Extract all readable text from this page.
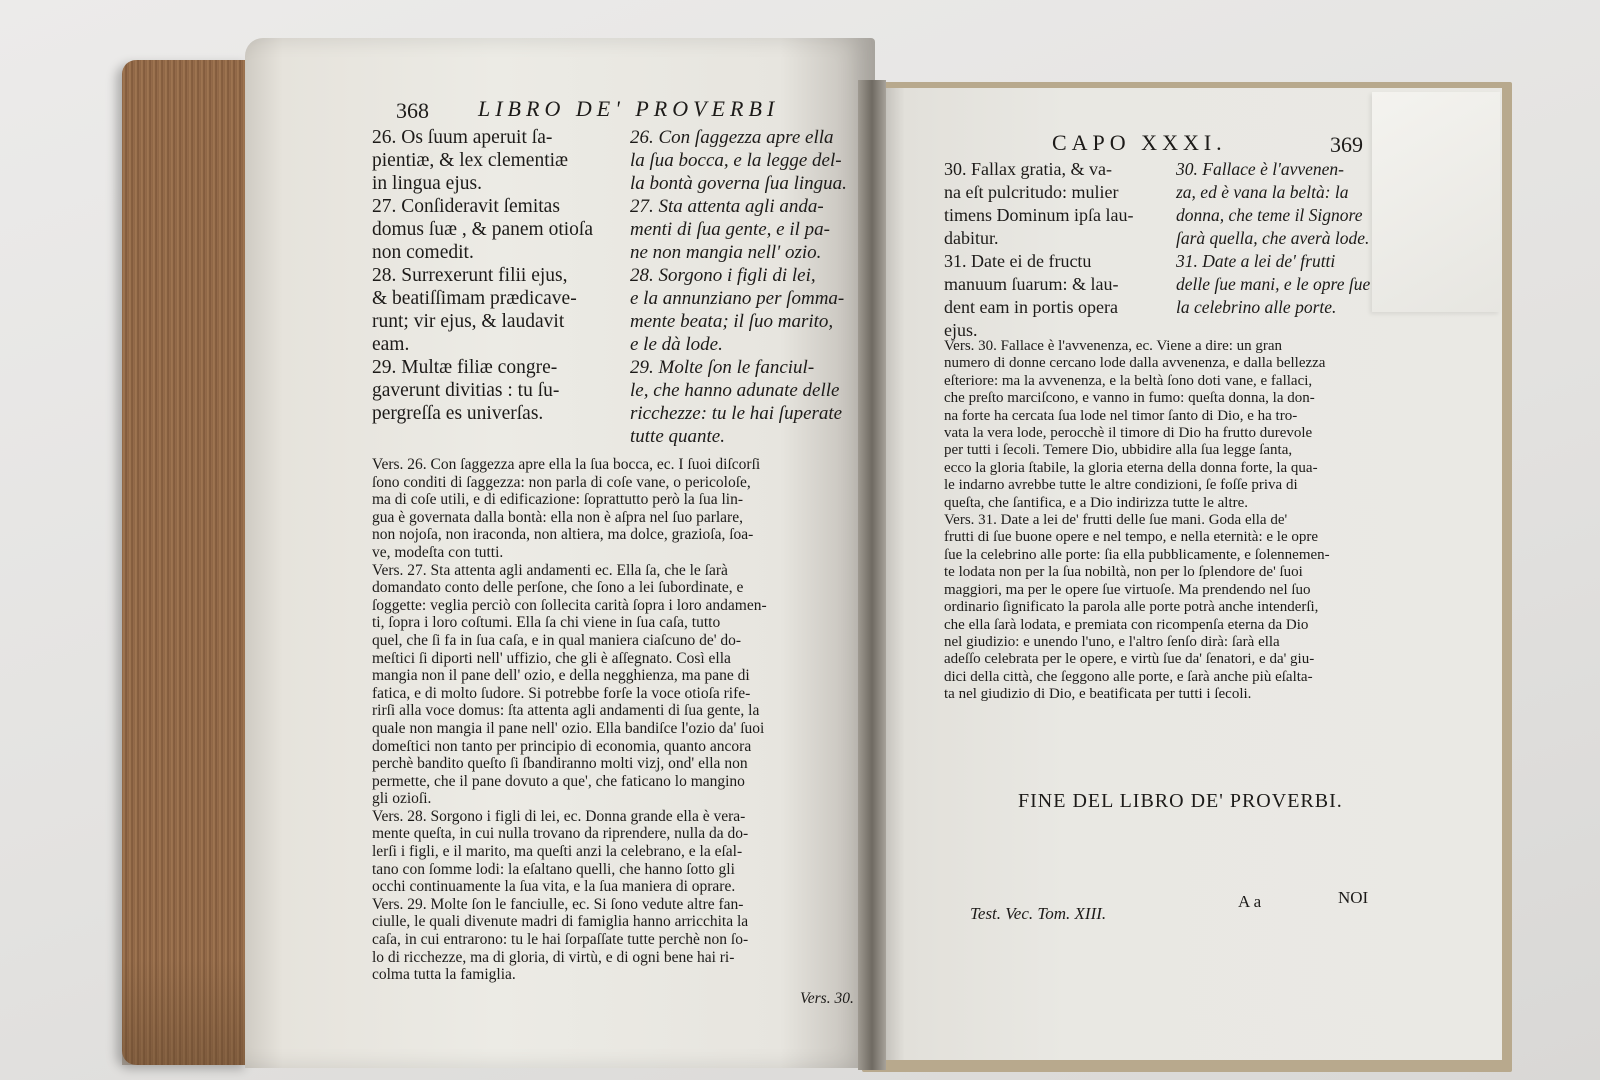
368 LIBRO DE' PROVERBI
26. Os ſuum aperuit ſa-
pientiæ, & lex clementiæ
in lingua ejus.
27. Conſideravit ſemitas
domus ſuæ , & panem otioſa
non comedit.
28. Surrexerunt filii ejus,
& beatiſſimam prædicave-
runt; vir ejus, & laudavit
eam.
29. Multæ filiæ congre-
gaverunt divitias : tu ſu-
pergreſſa es univerſas.
26. Con ſaggezza apre ella
la ſua bocca, e la legge del-
la bontà governa ſua lingua.
27. Sta attenta agli anda-
menti di ſua gente, e il pa-
ne non mangia nell' ozio.
28. Sorgono i figli di lei,
e la annunziano per ſomma-
mente beata; il ſuo marito,
e le dà lode.
29. Molte ſon le fanciul-
le, che hanno adunate delle
ricchezze: tu le hai ſuperate
tutte quante.
Vers. 26. Con ſaggezza apre ella la ſua bocca, ec. I ſuoi diſcorſi
ſono conditi di ſaggezza: non parla di coſe vane, o pericoloſe,
ma di coſe utili, e di edificazione: ſoprattutto però la ſua lin-
gua è governata dalla bontà: ella non è aſpra nel ſuo parlare,
non nojoſa, non iraconda, non altiera, ma dolce, grazioſa, ſoa-
ve, modeſta con tutti.
Vers. 27. Sta attenta agli andamenti ec. Ella ſa, che le ſarà
domandato conto delle perſone, che ſono a lei ſubordinate, e
ſoggette: veglia perciò con ſollecita carità ſopra i loro andamen-
ti, ſopra i loro coſtumi. Ella ſa chi viene in ſua caſa, tutto
quel, che ſi fa in ſua caſa, e in qual maniera ciaſcuno de' do-
meſtici ſi diporti nell' uffizio, che gli è aſſegnato. Così ella
mangia non il pane dell' ozio, e della negghienza, ma pane di
fatica, e di molto ſudore. Si potrebbe forſe la voce otioſa rife-
rirſi alla voce domus: ſta attenta agli andamenti di ſua gente, la
quale non mangia il pane nell' ozio. Ella bandiſce l'ozio da' ſuoi
domeſtici non tanto per principio di economia, quanto ancora
perchè bandito queſto ſi ſbandiranno molti vizj, ond' ella non
permette, che il pane dovuto a que', che faticano lo mangino
gli ozioſi.
Vers. 28. Sorgono i figli di lei, ec. Donna grande ella è vera-
mente queſta, in cui nulla trovano da riprendere, nulla da do-
lerſi i figli, e il marito, ma queſti anzi la celebrano, e la eſal-
tano con ſomme lodi: la eſaltano quelli, che hanno ſotto gli
occhi continuamente la ſua vita, e la ſua maniera di oprare.
Vers. 29. Molte ſon le fanciulle, ec. Si ſono vedute altre fan-
ciulle, le quali divenute madri di famiglia hanno arricchita la
caſa, in cui entrarono: tu le hai ſorpaſſate tutte perchè non ſo-
lo di ricchezze, ma di gloria, di virtù, e di ogni bene hai ri-
colma tutta la famiglia.
Vers. 30.
CAPO XXXI.	369
30. Fallax gratia, & va-
na eſt pulcritudo: mulier
timens Dominum ipſa lau-
dabitur.
31. Date ei de fructu
manuum ſuarum: & lau-
dent eam in portis opera
ejus.
30. Fallace è l'avvenen-
za, ed è vana la beltà: la
donna, che teme il Signore
ſarà quella, che averà lode.
31. Date a lei de' frutti
delle ſue mani, e le opre ſue
la celebrino alle porte.
Vers. 30. Fallace è l'avvenenza, ec. Viene a dire: un gran
numero di donne cercano lode dalla avvenenza, e dalla bellezza
eſteriore: ma la avvenenza, e la beltà ſono doti vane, e fallaci,
che preſto marciſcono, e vanno in fumo: queſta donna, la don-
na forte ha cercata ſua lode nel timor ſanto di Dio, e ha tro-
vata la vera lode, perocchè il timore di Dio ha frutto durevole
per tutti i ſecoli. Temere Dio, ubbidire alla ſua legge ſanta,
ecco la gloria ſtabile, la gloria eterna della donna forte, la qua-
le indarno avrebbe tutte le altre condizioni, ſe foſſe priva di
queſta, che ſantifica, e a Dio indirizza tutte le altre.
Vers. 31. Date a lei de' frutti delle ſue mani. Goda ella de'
frutti di ſue buone opere e nel tempo, e nella eternità: e le opre
ſue la celebrino alle porte: ſia ella pubblicamente, e ſolennemen-
te lodata non per la ſua nobiltà, non per lo ſplendore de' ſuoi
maggiori, ma per le opere ſue virtuoſe. Ma prendendo nel ſuo
ordinario ſignificato la parola alle porte potrà anche intenderſi,
che ella ſarà lodata, e premiata con ricompenſa eterna da Dio
nel giudizio: e unendo l'uno, e l'altro ſenſo dirà: ſarà ella
adeſſo celebrata per le opere, e virtù ſue da' ſenatori, e da' giu-
dici della città, che ſeggono alle porte, e ſarà anche più eſalta-
ta nel giudizio di Dio, e beatificata per tutti i ſecoli.
FINE DEL LIBRO DE' PROVERBI.
Test. Vec. Tom. XIII.
A a	NOI
